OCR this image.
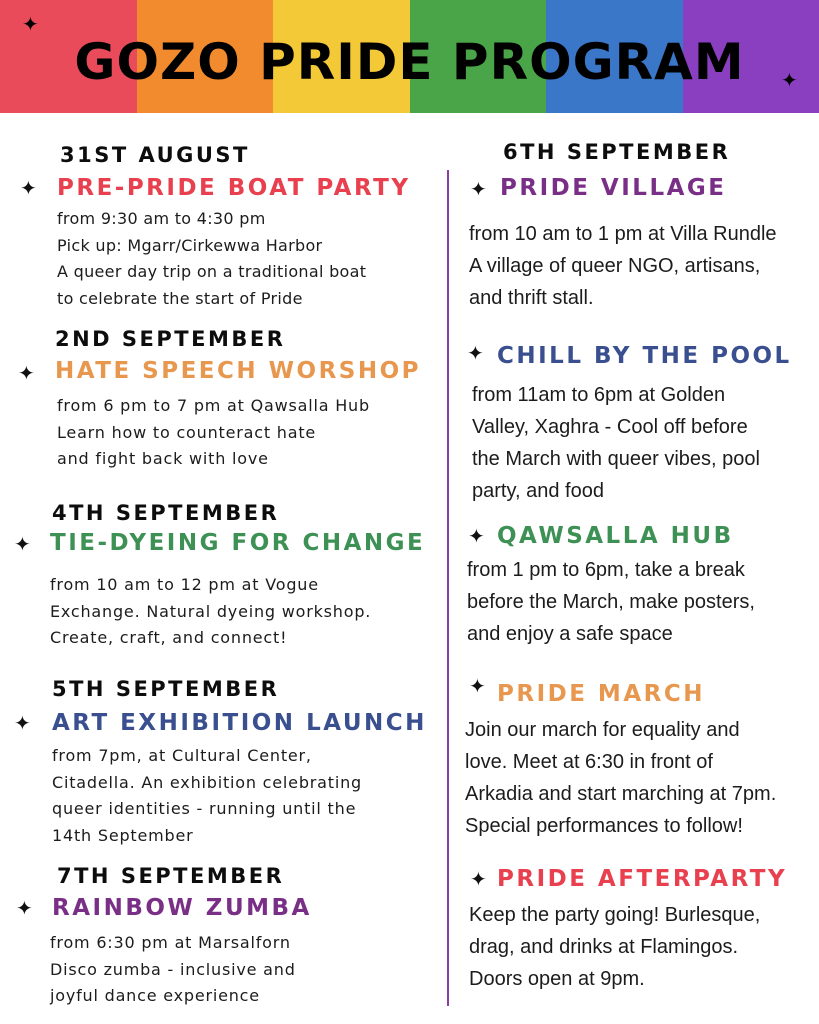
GOZO PRIDE PROGRAM
✦
✦
31ST AUGUST
✦ PRE-PRIDE BOAT PARTY
from 9:30 am to 4:30 pm
Pick up: Mgarr/Cirkewwa Harbor
A queer day trip on a traditional boat
to celebrate the start of Pride
2ND SEPTEMBER
✦ HATE SPEECH WORSHOP
from 6 pm to 7 pm at Qawsalla Hub
Learn how to counteract hate
and fight back with love
4TH SEPTEMBER
✦ TIE-DYEING FOR CHANGE
from 10 am to 12 pm at Vogue
Exchange. Natural dyeing workshop.
Create, craft, and connect!
5TH SEPTEMBER
✦ ART EXHIBITION LAUNCH
from 7pm, at Cultural Center,
Citadella. An exhibition celebrating
queer identities - running until the
14th September
7TH SEPTEMBER
✦ RAINBOW ZUMBA
from 6:30 pm at Marsalforn
Disco zumba - inclusive and
joyful dance experience
6TH SEPTEMBER
✦ PRIDE VILLAGE
from 10 am to 1 pm at Villa Rundle
A village of queer NGO, artisans,
and thrift stall.
✦ CHILL BY THE POOL
from 11am to 6pm at Golden
Valley, Xaghra - Cool off before
the March with queer vibes, pool
party, and food
✦ QAWSALLA HUB
from 1 pm to 6pm, take a break
before the March, make posters,
and enjoy a safe space
✦ PRIDE MARCH
Join our march for equality and
love. Meet at 6:30 in front of
Arkadia and start marching at 7pm.
Special performances to follow!
✦ PRIDE AFTERPARTY
Keep the party going! Burlesque,
drag, and drinks at Flamingos.
Doors open at 9pm.
